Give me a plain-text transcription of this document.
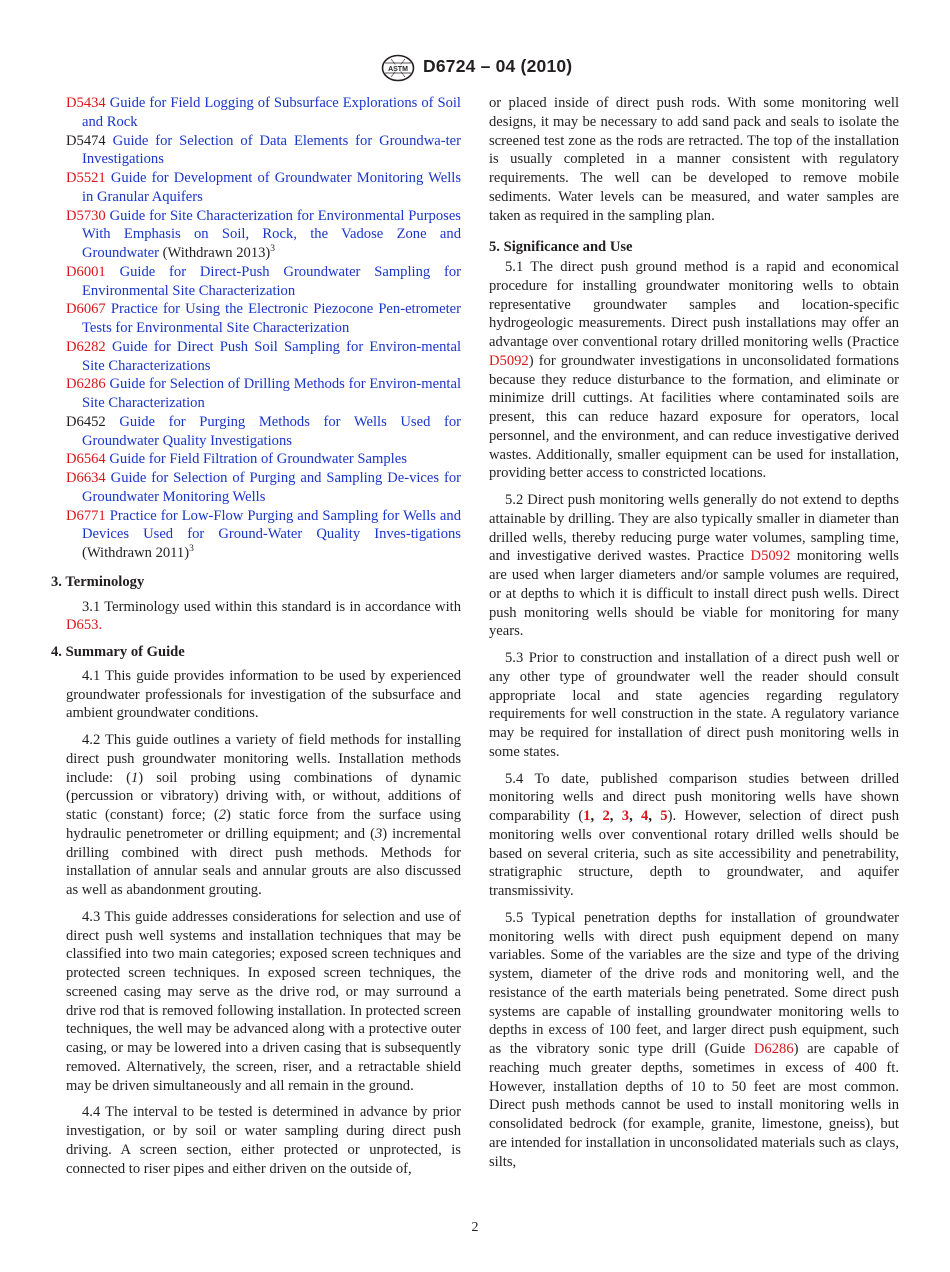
ASTM D6724 – 04 (2010)

D5434 Guide for Field Logging of Subsurface Explorations of Soil and Rock

D5474 Guide for Selection of Data Elements for Groundwa-ter Investigations

D5521 Guide for Development of Groundwater Monitoring Wells in Granular Aquifers

D5730 Guide for Site Characterization for Environmental Purposes With Emphasis on Soil, Rock, the Vadose Zone and Groundwater (Withdrawn 2013)$^3$

D6001 Guide for Direct-Push Groundwater Sampling for Environmental Site Characterization

D6067 Practice for Using the Electronic Piezocone Pen-etrometer Tests for Environmental Site Characterization

D6282 Guide for Direct Push Soil Sampling for Environ-mental Site Characterizations

D6286 Guide for Selection of Drilling Methods for Environ-mental Site Characterization

D6452 Guide for Purging Methods for Wells Used for Groundwater Quality Investigations

D6564 Guide for Field Filtration of Groundwater Samples

D6634 Guide for Selection of Purging and Sampling De-vices for Groundwater Monitoring Wells

D6771 Practice for Low-Flow Purging and Sampling for Wells and Devices Used for Ground-Water Quality Inves-tigations (Withdrawn 2011)$^3$

3. Terminology

3.1 Terminology used within this standard is in accordance with D653.

4. Summary of Guide

4.1 This guide provides information to be used by experienced groundwater professionals for investigation of the subsurface and ambient groundwater conditions.

4.2 This guide outlines a variety of field methods for installing direct push groundwater monitoring wells. Installation methods include: (1) soil probing using combinations of dynamic (percussion or vibratory) driving with, or without, additions of static (constant) force; (2) static force from the surface using hydraulic penetrometer or drilling equipment; and (3) incremental drilling combined with direct push methods. Methods for installation of annular seals and annular grouts are also discussed as well as abandonment grouting.

4.3 This guide addresses considerations for selection and use of direct push well systems and installation techniques that may be classified into two main categories; exposed screen techniques and protected screen techniques. In exposed screen techniques, the screened casing may serve as the drive rod, or may surround a drive rod that is removed following installation. In protected screen techniques, the well may be advanced along with a protective outer casing, or may be lowered into a driven casing that is subsequently removed. Alternatively, the screen, riser, and a retractable shield may be driven simultaneously and all remain in the ground.

4.4 The interval to be tested is determined in advance by prior investigation, or by soil or water sampling during direct push driving. A screen section, either protected or unprotected, is connected to riser pipes and either driven on the outside of,

or placed inside of direct push rods. With some monitoring well designs, it may be necessary to add sand pack and seals to isolate the screened test zone as the rods are retracted. The top of the installation is usually completed in a manner consistent with regulatory requirements. The well can be developed to remove mobile sediments. Water levels can be measured, and water samples are taken as required in the sampling plan.

5. Significance and Use

5.1 The direct push ground method is a rapid and economical procedure for installing groundwater monitoring wells to obtain representative groundwater samples and location-specific hydrogeologic measurements. Direct push installations may offer an advantage over conventional rotary drilled monitoring wells (Practice D5092) for groundwater investigations in unconsolidated formations because they reduce disturbance to the formation, and eliminate or minimize drill cuttings. At facilities where contaminated soils are present, this can reduce hazard exposure for operators, local personnel, and the environment, and can reduce investigative derived wastes. Additionally, smaller equipment can be used for installation, providing better access to constricted locations.

5.2 Direct push monitoring wells generally do not extend to depths attainable by drilling. They are also typically smaller in diameter than drilled wells, thereby reducing purge water volumes, sampling time, and investigative derived wastes. Practice D5092 monitoring wells are used when larger diameters and/or sample volumes are required, or at depths to which it is difficult to install direct push wells. Direct push monitoring wells should be viable for monitoring for many years.

5.3 Prior to construction and installation of a direct push well or any other type of groundwater well the reader should consult appropriate local and state agencies regarding regulatory requirements for well construction in the state. A regulatory variance may be required for installation of direct push monitoring wells in some states.

5.4 To date, published comparison studies between drilled monitoring wells and direct push monitoring wells have shown comparability (1, 2, 3, 4, 5). However, selection of direct push monitoring wells over conventional rotary drilled wells should be based on several criteria, such as site accessibility and penetrability, stratigraphic structure, depth to groundwater, and aquifer transmissivity.

5.5 Typical penetration depths for installation of groundwater monitoring wells with direct push equipment depend on many variables. Some of the variables are the size and type of the driving system, diameter of the drive rods and monitoring well, and the resistance of the earth materials being penetrated. Some direct push systems are capable of installing groundwater monitoring wells to depths in excess of 100 feet, and larger direct push equipment, such as the vibratory sonic type drill (Guide D6286) are capable of reaching much greater depths, sometimes in excess of 400 ft. However, installation depths of 10 to 50 feet are most common. Direct push methods cannot be used to install monitoring wells in consolidated bedrock (for example, granite, limestone, gneiss), but are intended for installation in unconsolidated materials such as clays, silts,

2
